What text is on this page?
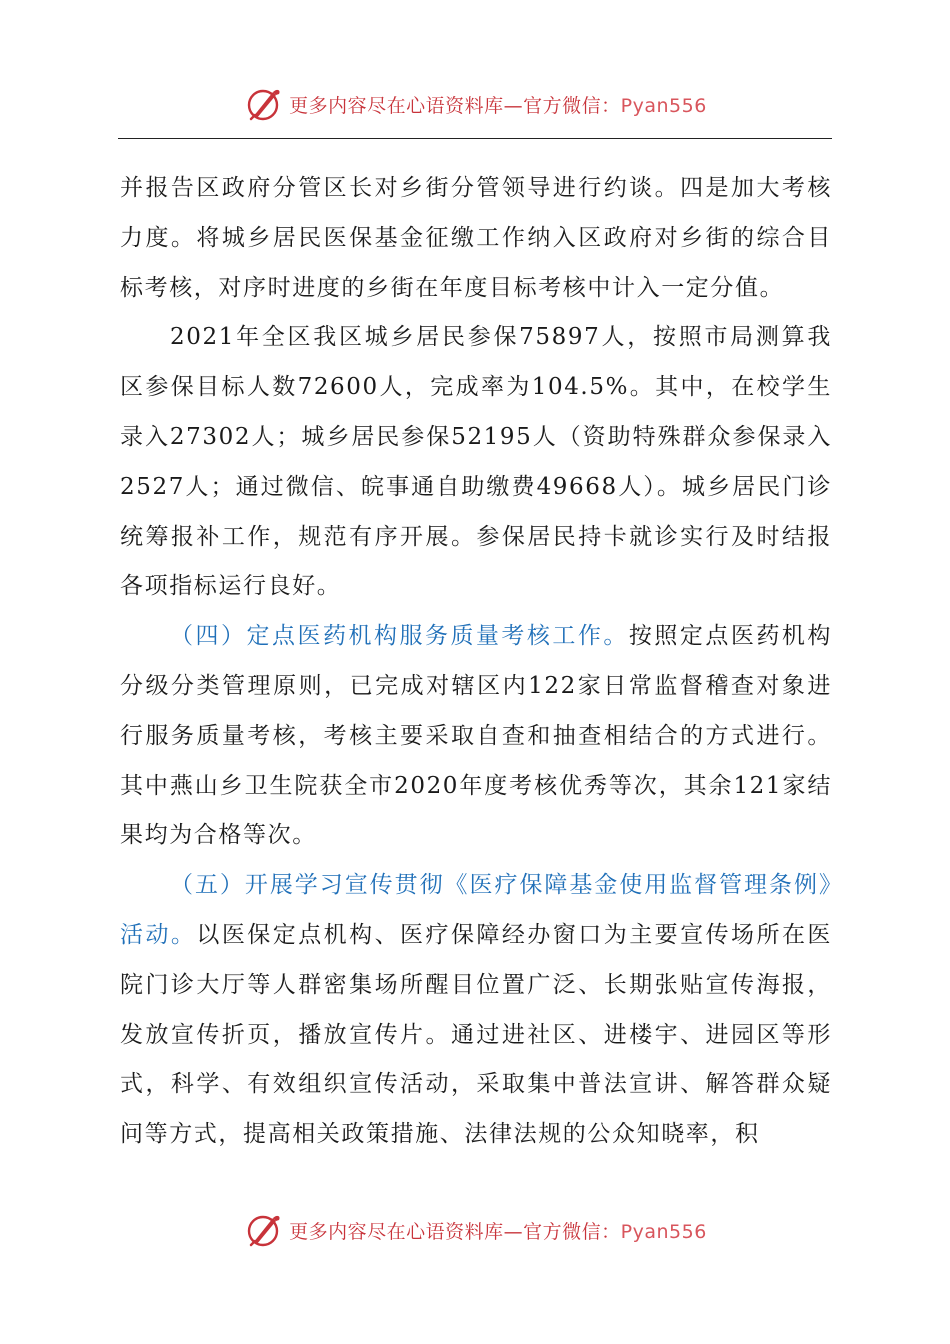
更多内容尽在心语资料库—官方微信：Pyan556

并报告区政府分管区长对乡街分管领导进行约谈。四是加大考核力度。将城乡居民医保基金征缴工作纳入区政府对乡街的综合目标考核，对序时进度的乡街在年度目标考核中计入一定分值。

2021年全区我区城乡居民参保75897人，按照市局测算我区参保目标人数72600人，完成率为104.5%。其中，在校学生录入27302人；城乡居民参保52195人（资助特殊群众参保录入2527人；通过微信、皖事通自助缴费49668人）。城乡居民门诊统筹报补工作，规范有序开展。参保居民持卡就诊实行及时结报各项指标运行良好。

（四）定点医药机构服务质量考核工作。按照定点医药机构分级分类管理原则，已完成对辖区内122家日常监督稽查对象进行服务质量考核，考核主要采取自查和抽查相结合的方式进行。其中燕山乡卫生院获全市2020年度考核优秀等次，其余121家结果均为合格等次。

（五）开展学习宣传贯彻《医疗保障基金使用监督管理条例》活动。以医保定点机构、医疗保障经办窗口为主要宣传场所在医院门诊大厅等人群密集场所醒目位置广泛、长期张贴宣传海报，发放宣传折页，播放宣传片。通过进社区、进楼宇、进园区等形式，科学、有效组织宣传活动，采取集中普法宣讲、解答群众疑问等方式，提高相关政策措施、法律法规的公众知晓率，积

更多内容尽在心语资料库—官方微信：Pyan556
